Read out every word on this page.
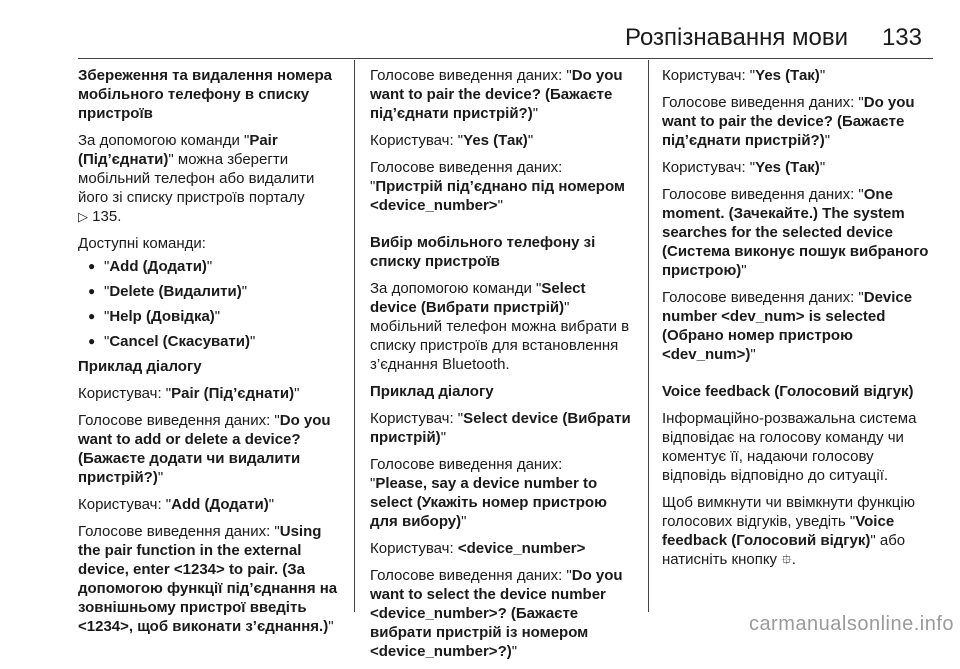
Розпізнавання мови 133

Збереження та видалення номера мобільного телефону в списку пристроїв

За допомогою команди "Pair (Під’єднати)" можна зберегти мобільний телефон або видалити його зі списку пристроїв порталу
▷ 135.

Доступні команди:

● "Add (Додати)"
● "Delete (Видалити)"
● "Help (Довідка)"
● "Cancel (Скасувати)"

Приклад діалогу

Користувач: "Pair (Під’єднати)"

Голосове виведення даних: "Do you want to add or delete a device? (Бажаєте додати чи видалити пристрій?)"

Користувач: "Add (Додати)"

Голосове виведення даних: "Using the pair function in the external device, enter <1234> to pair. (За допомогою функції під’єднання на зовнішньому пристрої введіть <1234>, щоб виконати з’єднання.)"

Голосове виведення даних: "Do you want to pair the device? (Бажаєте під’єднати пристрій?)"

Користувач: "Yes (Так)"

Голосове виведення даних:
"Пристрій під’єднано під номером <device_number>"

Вибір мобільного телефону зі списку пристроїв

За допомогою команди "Select device (Вибрати пристрій)" мобільний телефон можна вибрати в списку пристроїв для встановлення з’єднання Bluetooth.

Приклад діалогу

Користувач: "Select device (Вибрати пристрій)"

Голосове виведення даних:
"Please, say a device number to select (Укажіть номер пристрою для вибору)"

Користувач: <device_number>

Голосове виведення даних: "Do you want to select the device number <device_number>? (Бажаєте вибрати пристрій із номером <device_number>?)"

Користувач: "Yes (Так)"

Голосове виведення даних: "Do you want to pair the device? (Бажаєте під’єднати пристрій?)"

Користувач: "Yes (Так)"

Голосове виведення даних: "One moment. (Зачекайте.) The system searches for the selected device (Система виконує пошук вибраного пристрою)"

Голосове виведення даних: "Device number <dev_num> is selected (Обрано номер пристрою <dev_num>)"

Voice feedback (Голосовий відгук)

Інформаційно-розважальна система відповідає на голосову команду чи коментує її, надаючи голосову відповідь відповідно до ситуації.

Щоб вимкнути чи ввімкнути функцію голосових відгуків, уведіть "Voice feedback (Голосовий відгук)" або натисніть кнопку ⯐.

carmanualsonline.info
